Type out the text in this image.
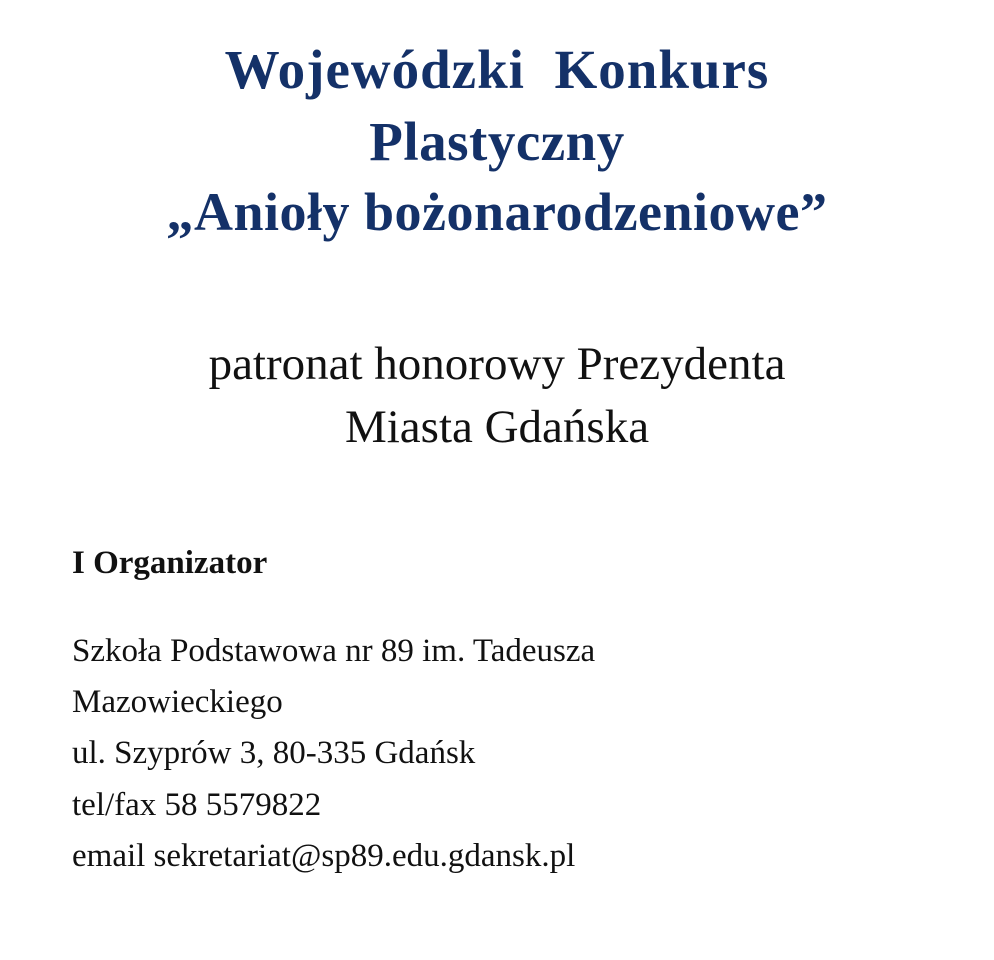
Wojewódzki  Konkurs
Plastyczny
„Anioły bożonarodzeniowe”
patronat honorowy Prezydenta
Miasta Gdańska
I Organizator
Szkoła Podstawowa nr 89 im. Tadeusza
Mazowieckiego
ul. Szyprów 3, 80-335 Gdańsk
tel/fax 58 5579822
email sekretariat@sp89.edu.gdansk.pl
